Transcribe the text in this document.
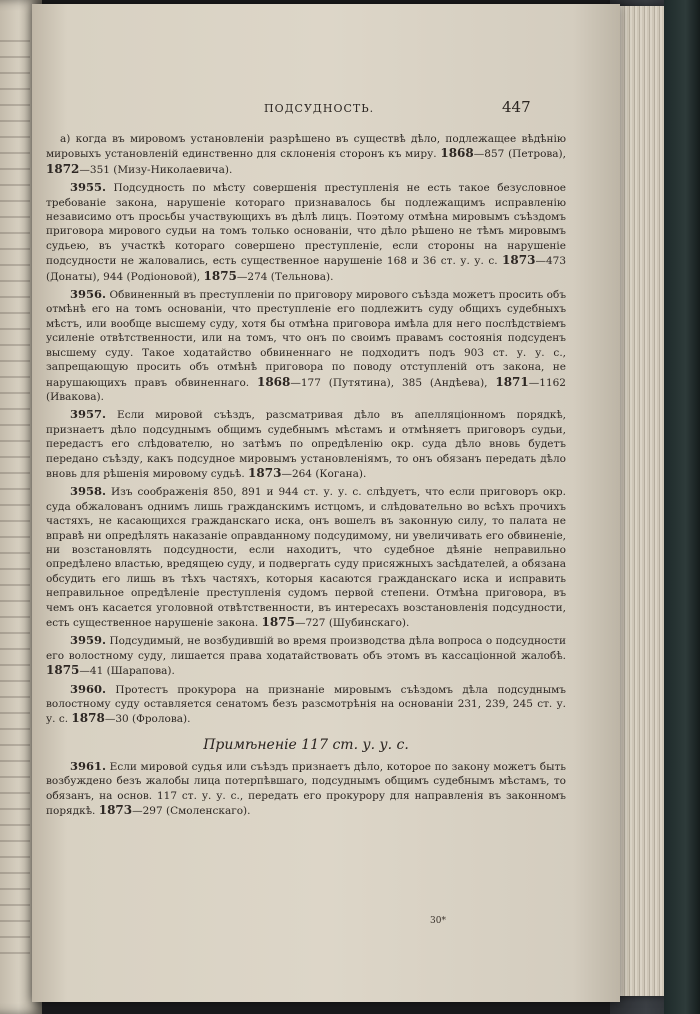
ПОДСУДНОСТЬ.	447

а) когда въ мировомъ установленiи разрѣшено въ существѣ дѣло, подлежащее вѣдѣнiю мировыхъ установленiй единственно для склоненiя сторонъ къ миру. 1868—857 (Петрова), 1872—351 (Мизу-Николаевича).

3955. Подсудность по мѣсту совершенiя преступленiя не есть такое безусловное требованiе закона, нарушенiе котораго признавалось бы подлежащимъ исправленiю независимо отъ просьбы участвующихъ въ дѣлѣ лицъ. Поэтому отмѣна мировымъ съѣздомъ приговора мирового судьи на томъ только основанiи, что дѣло рѣшено не тѣмъ мировымъ судьею, въ участкѣ котораго совершено преступленiе, если стороны на нарушенiе подсудности не жаловались, есть существенное нарушенiе 168 и 36 ст. у. у. с. 1873—473 (Донаты), 944 (Родiоновой), 1875—274 (Тельнова).

3956. Обвиненный въ преступленiи по приговору мирового съѣзда можетъ просить объ отмѣнѣ его на томъ основанiи, что преступленiе его подлежитъ суду общихъ судебныхъ мѣстъ, или вообще высшему суду, хотя бы отмѣна приговора имѣла для него послѣдствiемъ усиленiе отвѣтственности, или на томъ, что онъ по своимъ правамъ состоянiя подсуденъ высшему суду. Такое ходатайство обвиненнаго не подходитъ подъ 903 ст. у. у. с., запрещающую просить объ отмѣнѣ приговора по поводу отступленiй отъ закона, не нарушающихъ правъ обвиненнаго. 1868—177 (Путятина), 385 (Андѣева), 1871—1162 (Ивакова).

3957. Если мировой съѣздъ, разсматривая дѣло въ апелляцiонномъ порядкѣ, признаетъ дѣло подсуднымъ общимъ судебнымъ мѣстамъ и отмѣняетъ приговоръ судьи, передастъ его слѣдователю, но затѣмъ по опредѣленiю окр. суда дѣло вновь будетъ передано съѣзду, какъ подсудное мировымъ установленiямъ, то онъ обязанъ передать дѣло вновь для рѣшенiя мировому судьѣ. 1873—264 (Когана).

3958. Изъ соображенiя 850, 891 и 944 ст. у. у. с. слѣдуетъ, что если приговоръ окр. суда обжалованъ однимъ лишь гражданскимъ истцомъ, и слѣдовательно во всѣхъ прочихъ частяхъ, не касающихся гражданскаго иска, онъ вошелъ въ законную силу, то палата не вправѣ ни опредѣлять наказанiе оправданному подсудимому, ни увеличивать его обвиненiе, ни возстановлять подсудности, если находитъ, что судебное дѣянiе неправильно опредѣлено властью, вредящею суду, и подвергать суду присяжныхъ засѣдателей, а обязана обсудить его лишь въ тѣхъ частяхъ, которыя касаются гражданскаго иска и исправить неправильное опредѣленiе преступленiя судомъ первой степени. Отмѣна приговора, въ чемъ онъ касается уголовной отвѣтственности, въ интересахъ возстановленiя подсудности, есть существенное нарушенiе закона. 1875—727 (Шубинскаго).

3959. Подсудимый, не возбудившiй во время производства дѣла вопроса о подсудности его волостному суду, лишается права ходатайствовать объ этомъ въ кассацiонной жалобѣ. 1875—41 (Шарапова).

3960. Протестъ прокурора на признанiе мировымъ съѣздомъ дѣла подсуднымъ волостному суду оставляется сенатомъ безъ разсмотрѣнiя на основанiи 231, 239, 245 ст. у. у. с. 1878—30 (Фролова).

Примѣненiе 117 ст. у. у. с.

3961. Если мировой судья или съѣздъ признаетъ дѣло, которое по закону можетъ быть возбуждено безъ жалобы лица потерпѣвшаго, подсуднымъ общимъ судебнымъ мѣстамъ, то обязанъ, на основ. 117 ст. у. у. с., передать его прокурору для направленiя въ законномъ порядкѣ. 1873—297 (Смоленскаго).

30*
